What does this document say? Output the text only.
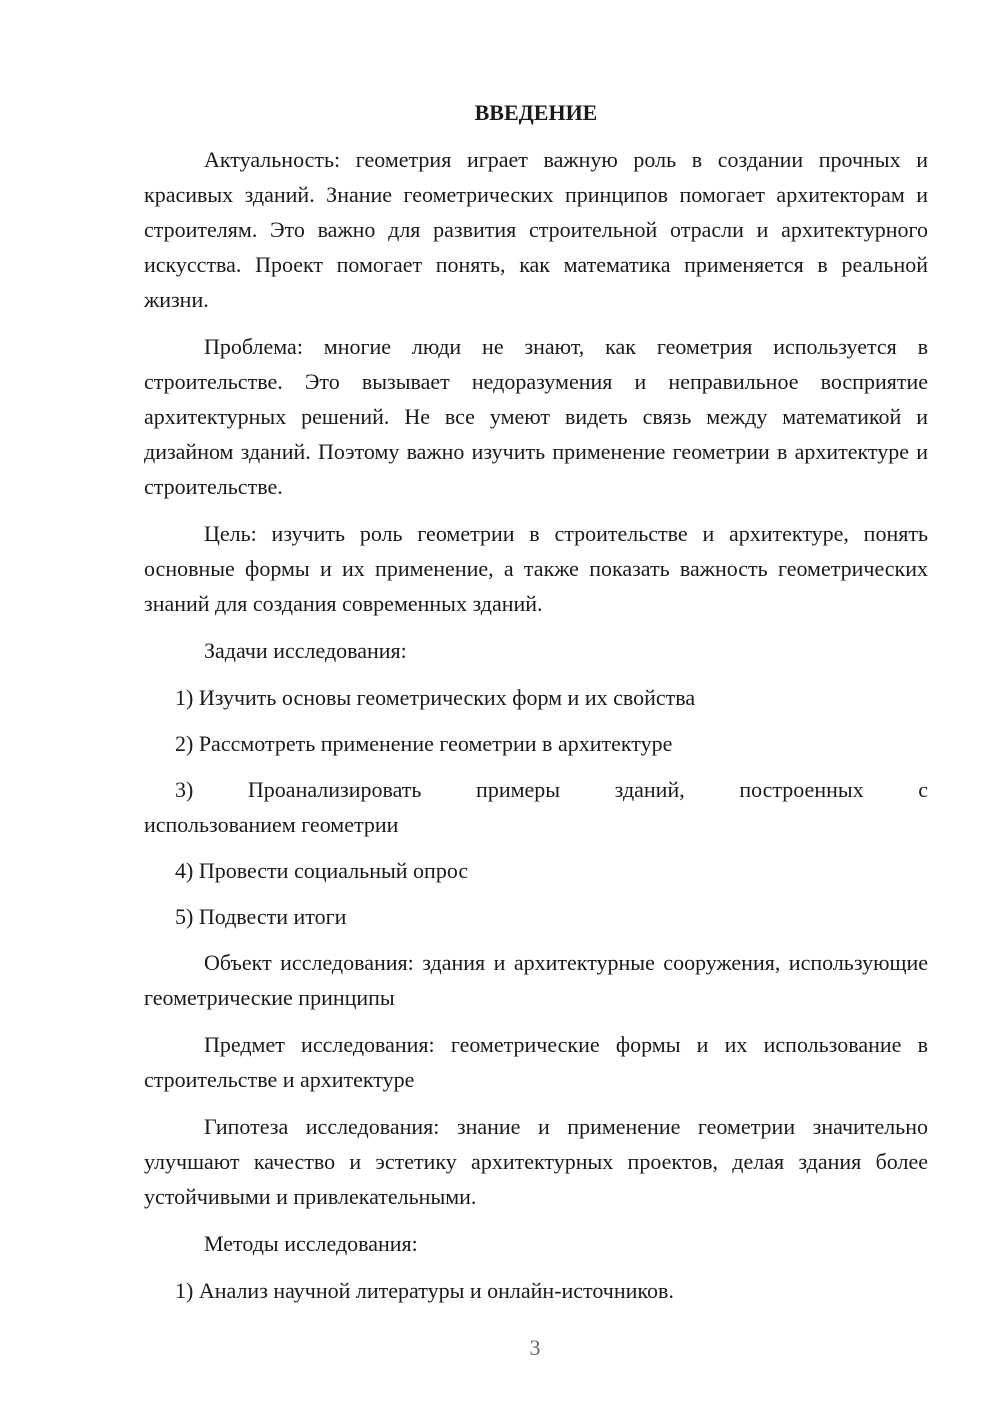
ВВЕДЕНИЕ

Актуальность: геометрия играет важную роль в создании прочных и красивых зданий. Знание геометрических принципов помогает архитекторам и строителям. Это важно для развития строительной отрасли и архитектурного искусства. Проект помогает понять, как математика применяется в реальной жизни.

Проблема: многие люди не знают, как геометрия используется в строительстве. Это вызывает недоразумения и неправильное восприятие архитектурных решений. Не все умеют видеть связь между математикой и дизайном зданий. Поэтому важно изучить применение геометрии в архитектуре и строительстве.

Цель: изучить роль геометрии в строительстве и архитектуре, понять основные формы и их применение, а также показать важность геометрических знаний для создания современных зданий.

Задачи исследования:

1) Изучить основы геометрических форм и их свойства

2) Рассмотреть применение геометрии в архитектуре

3) Проанализировать примеры зданий, построенных с
использованием геометрии

4) Провести социальный опрос

5) Подвести итоги

Объект исследования: здания и архитектурные сооружения, использующие геометрические принципы

Предмет исследования: геометрические формы и их использование в строительстве и архитектуре

Гипотеза исследования: знание и применение геометрии значительно улучшают качество и эстетику архитектурных проектов, делая здания более устойчивыми и привлекательными.

Методы исследования:

1) Анализ научной литературы и онлайн-источников.

3
